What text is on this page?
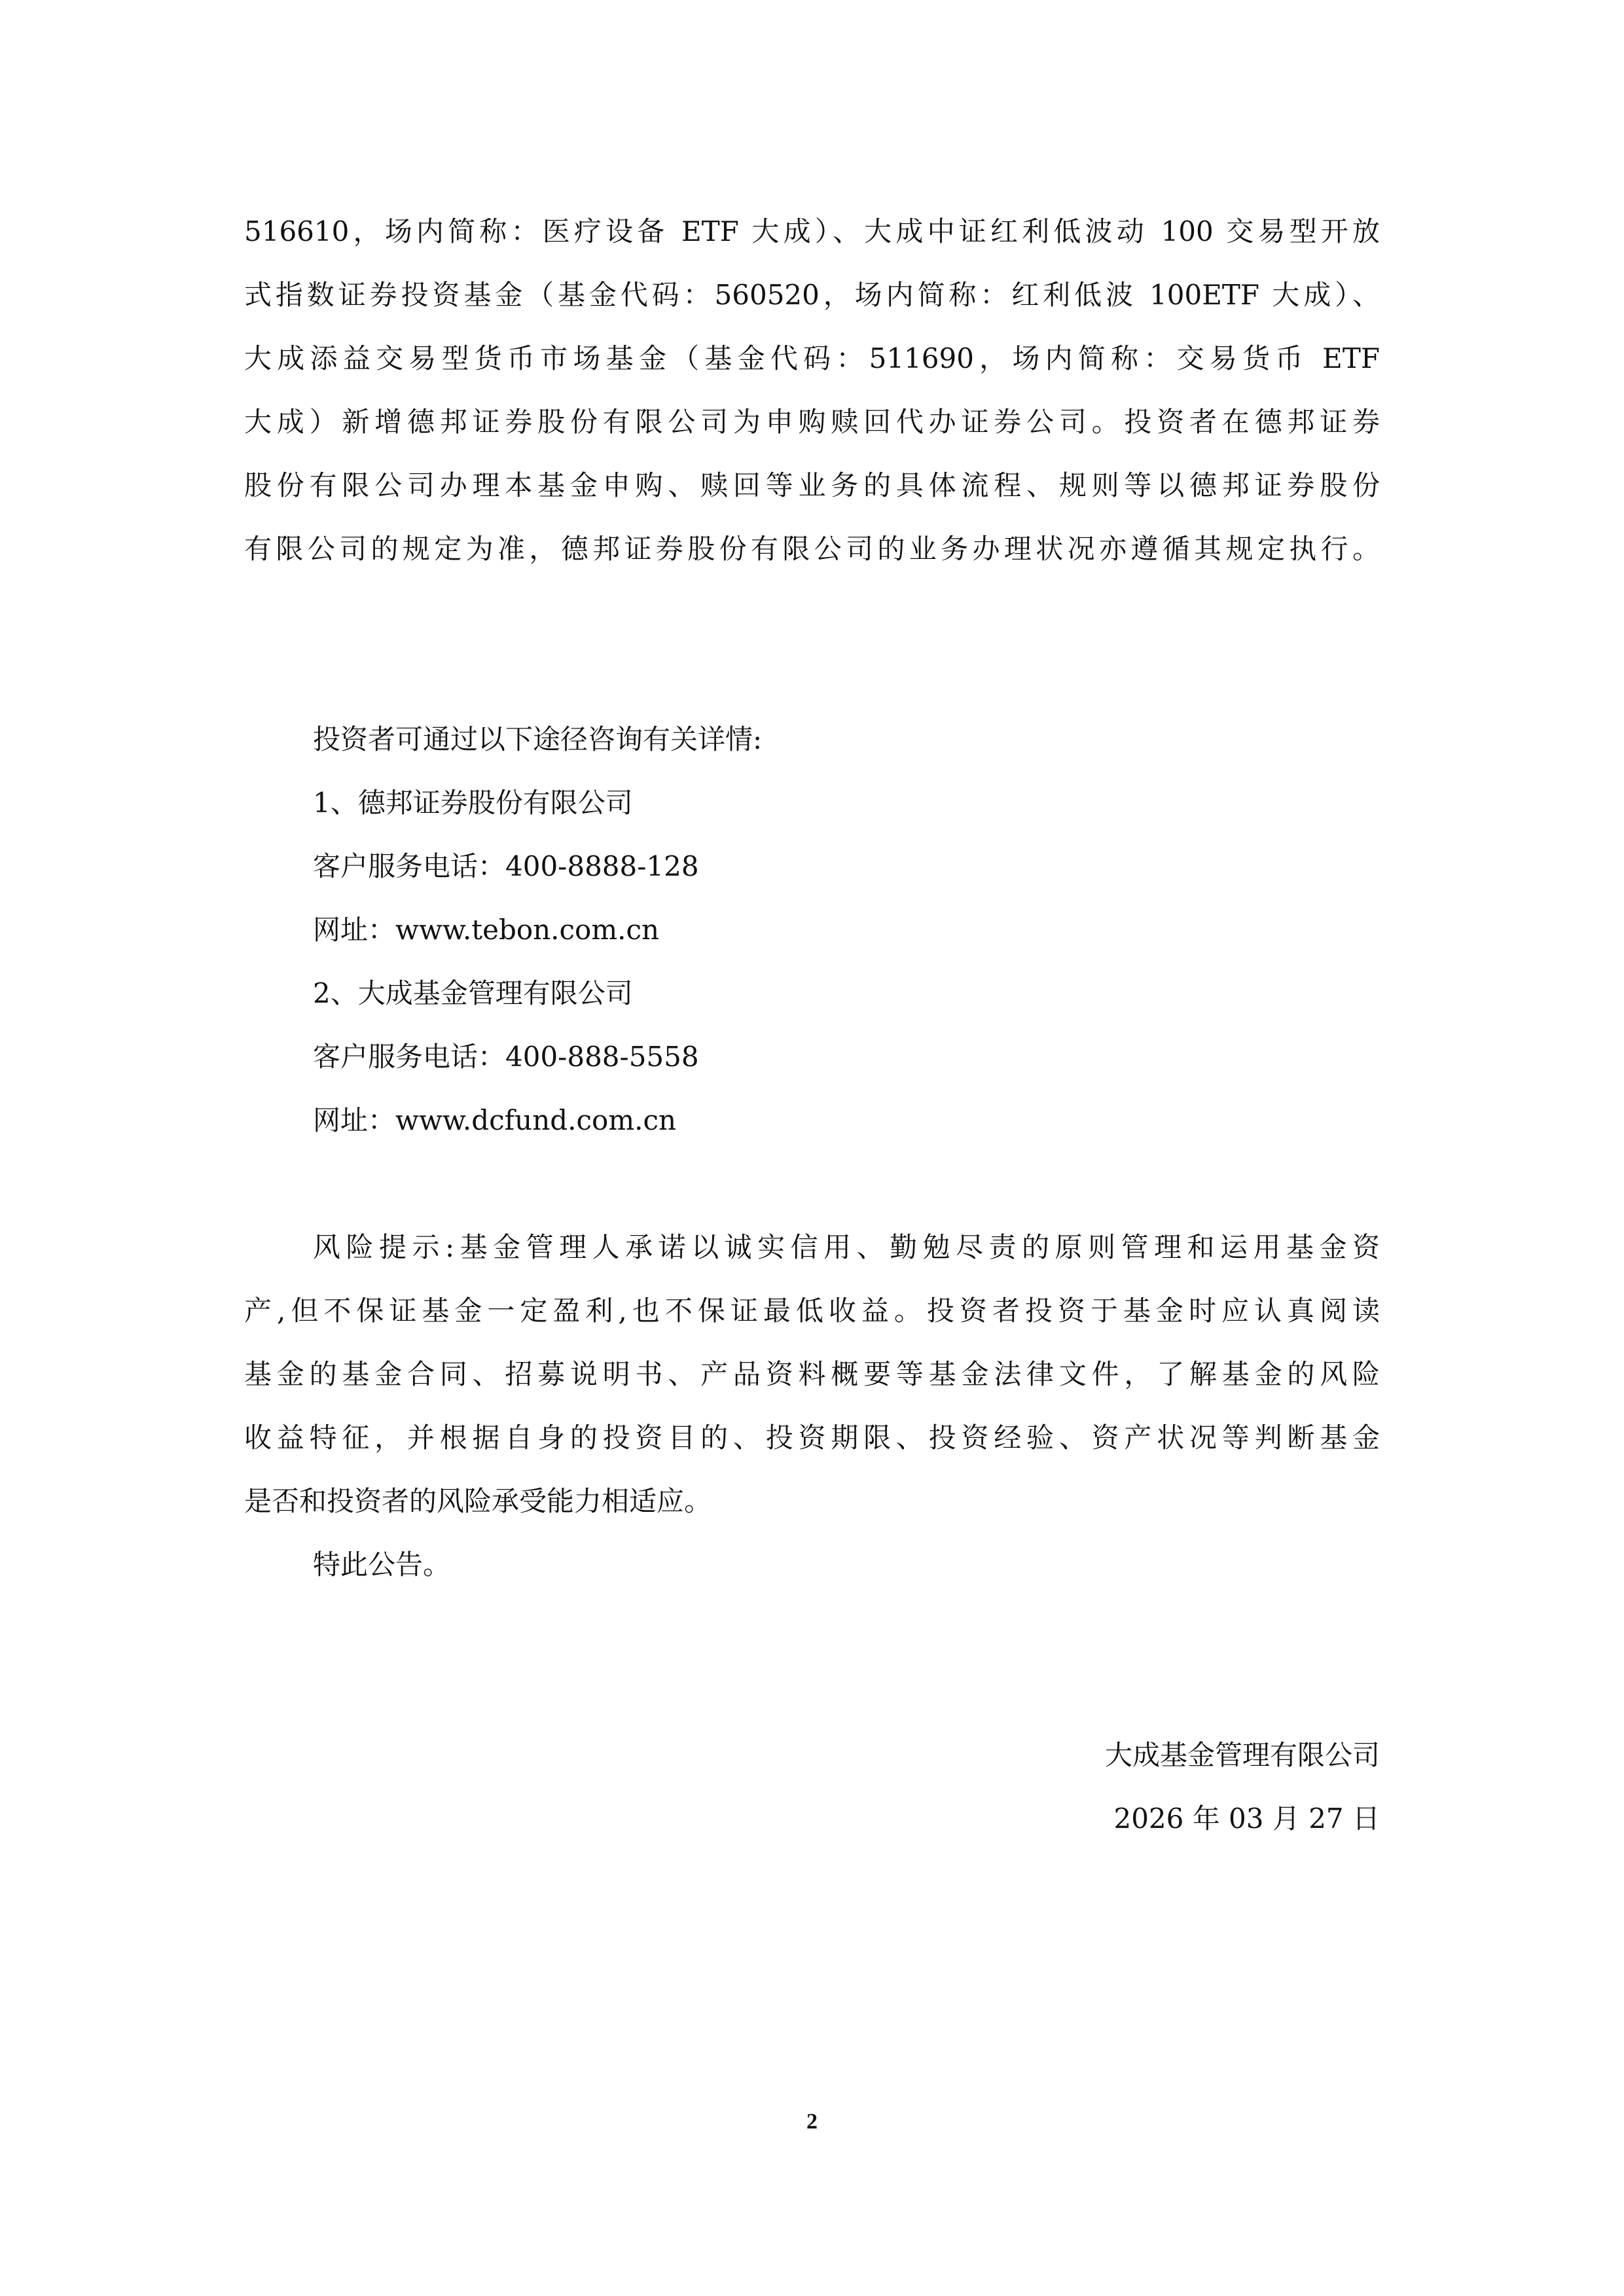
516610，场内简称：医疗设备 ETF 大成）、大成中证红利低波动 100 交易型开放
式指数证券投资基金（基金代码：560520，场内简称：红利低波 100ETF 大成）、
大成添益交易型货币市场基金（基金代码：511690，场内简称：交易货币 ETF
大成）新增德邦证券股份有限公司为申购赎回代办证券公司。投资者在德邦证券
股份有限公司办理本基金申购、赎回等业务的具体流程、规则等以德邦证券股份
有限公司的规定为准，德邦证券股份有限公司的业务办理状况亦遵循其规定执行。
投资者可通过以下途径咨询有关详情:
1、德邦证券股份有限公司
客户服务电话：400-8888-128
网址：www.tebon.com.cn
2、大成基金管理有限公司
客户服务电话：400-888-5558
网址：www.dcfund.com.cn
风险提示:基金管理人承诺以诚实信用、勤勉尽责的原则管理和运用基金资
产,但不保证基金一定盈利,也不保证最低收益。投资者投资于基金时应认真阅读
基金的基金合同、招募说明书、产品资料概要等基金法律文件，了解基金的风险
收益特征，并根据自身的投资目的、投资期限、投资经验、资产状况等判断基金
是否和投资者的风险承受能力相适应。
特此公告。
大成基金管理有限公司
2026 年 03 月 27 日
2
